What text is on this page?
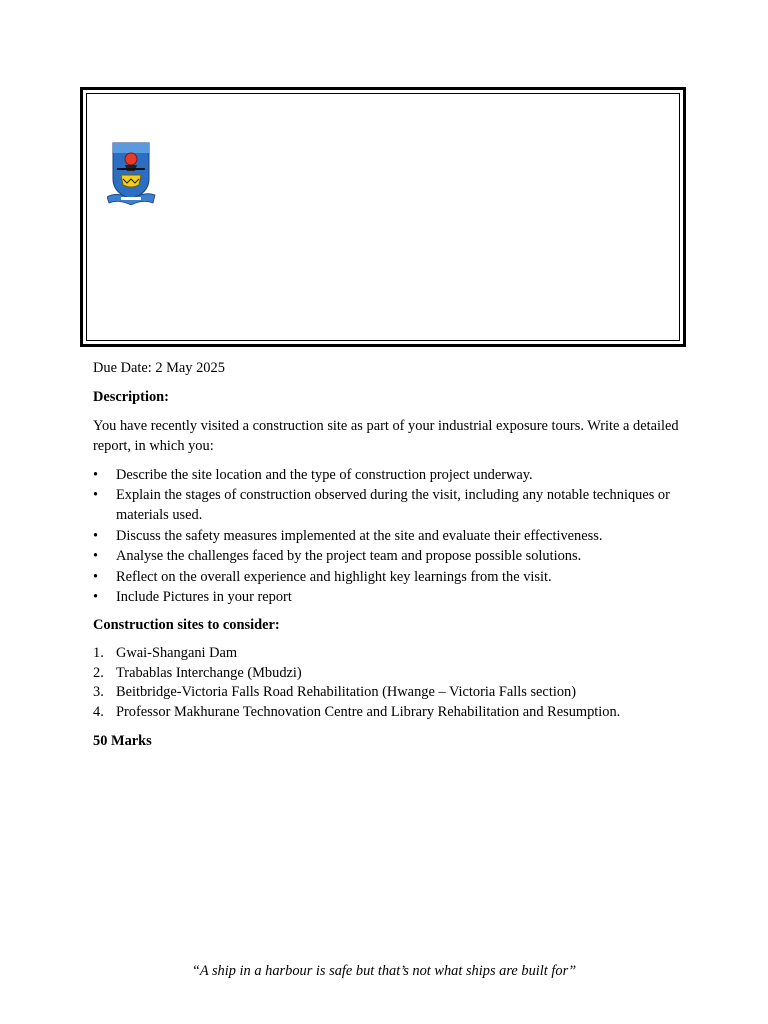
Due Date: 2 May 2025

Description:

You have recently visited a construction site as part of your industrial exposure tours. Write a detailed report, in which you:

• Describe the site location and the type of construction project underway.
• Explain the stages of construction observed during the visit, including any notable techniques or materials used.
• Discuss the safety measures implemented at the site and evaluate their effectiveness.
• Analyse the challenges faced by the project team and propose possible solutions.
• Reflect on the overall experience and highlight key learnings from the visit.
• Include Pictures in your report

Construction sites to consider:

1. Gwai-Shangani Dam
2. Trabablas Interchange (Mbudzi)
3. Beitbridge-Victoria Falls Road Rehabilitation (Hwange – Victoria Falls section)
4. Professor Makhurane Technovation Centre and Library Rehabilitation and Resumption.

50 Marks

“A ship in a harbour is safe but that’s not what ships are built for”
